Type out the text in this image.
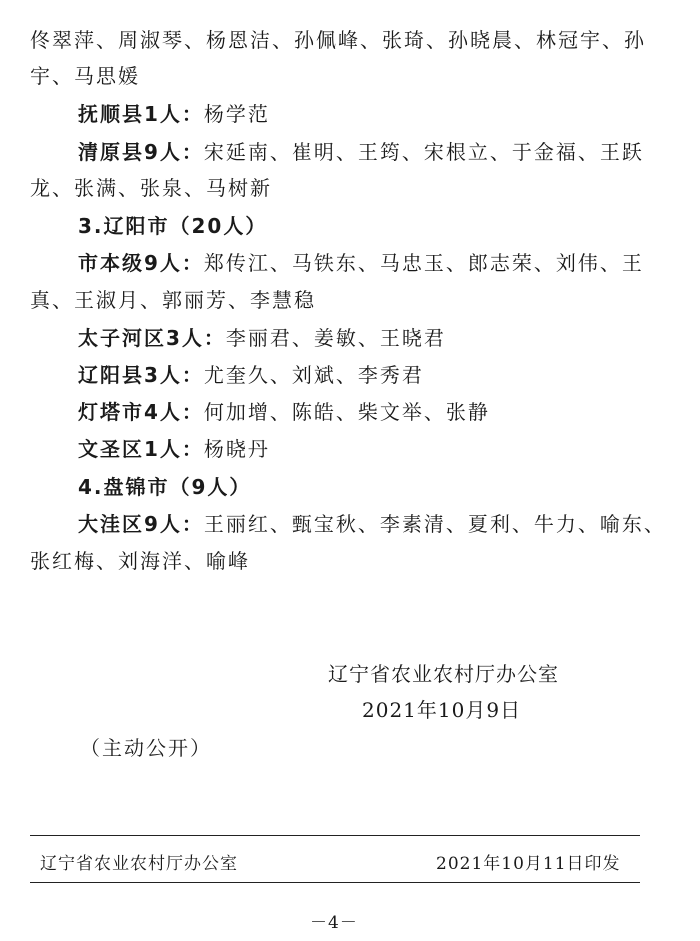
佟翠萍、周淑琴、杨恩洁、孙佩峰、张琦、孙晓晨、林冠宇、孙
宇、马思媛
抚顺县1人：杨学范
清原县9人：宋延南、崔明、王筠、宋根立、于金福、王跃
龙、张满、张泉、马树新
3.辽阳市（20人）
市本级9人：郑传江、马铁东、马忠玉、郎志荣、刘伟、王
真、王淑月、郭丽芳、李慧稳
太子河区3人：李丽君、姜敏、王晓君
辽阳县3人：尤奎久、刘斌、李秀君
灯塔市4人：何加增、陈皓、柴文举、张静
文圣区1人：杨晓丹
4.盘锦市（9人）
大洼区9人：王丽红、甄宝秋、李素清、夏利、牛力、喻东、
张红梅、刘海洋、喻峰
辽宁省农业农村厅办公室
2021年10月9日
（主动公开）
辽宁省农业农村厅办公室	2021年10月11日印发
－4－
